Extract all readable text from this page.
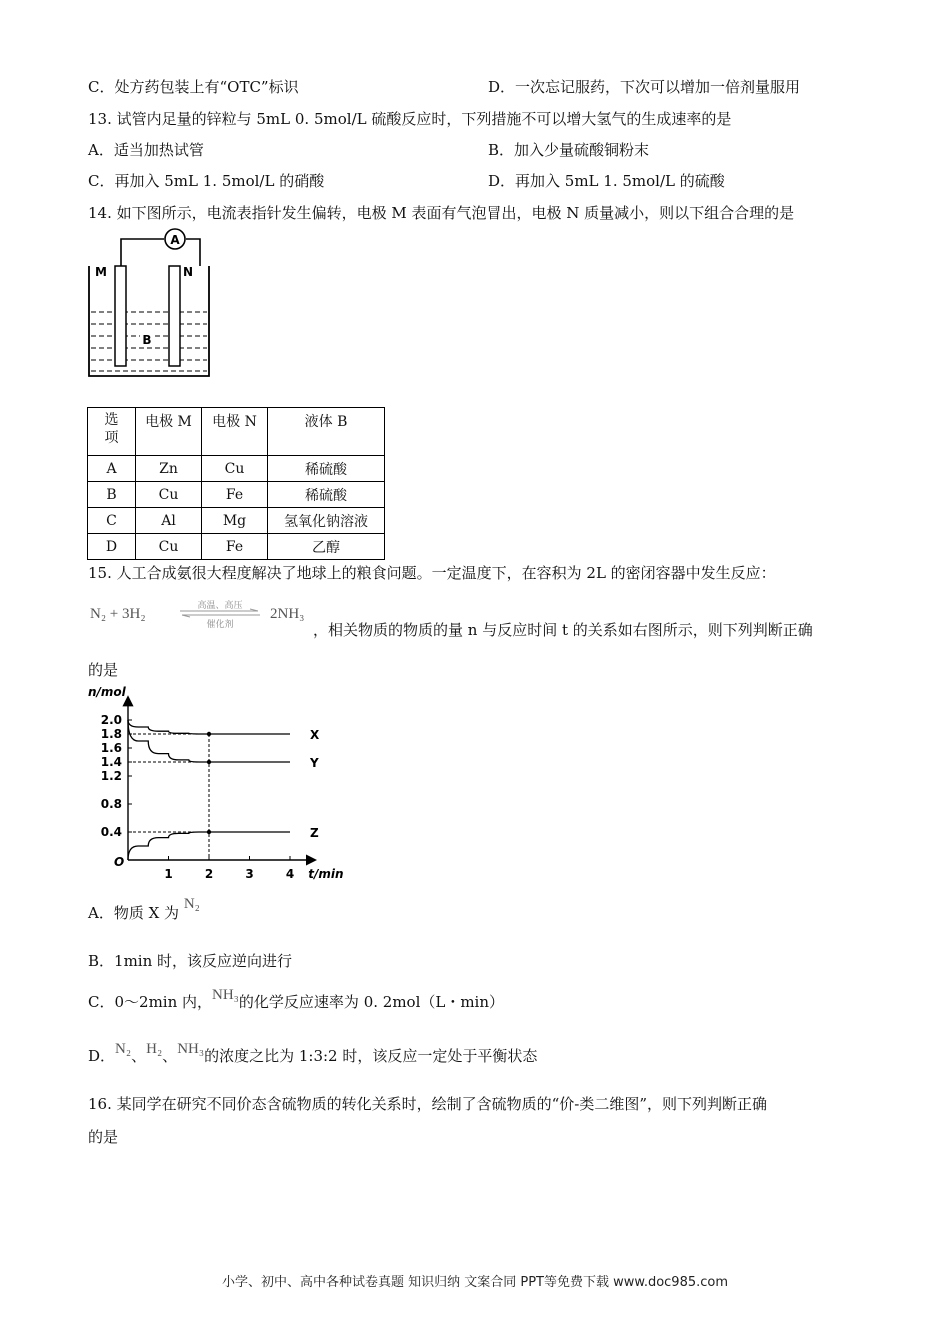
C．处方药包装上有“OTC”标识	D．一次忘记服药，下次可以增加一倍剂量服用
13. 试管内足量的锌粒与 5mL 0. 5mol/L 硫酸反应时，下列措施不可以增大氢气的生成速率的是
A．适当加热试管	B．加入少量硫酸铜粉末
C．再加入 5mL 1. 5mol/L 的硝酸	D．再加入 5mL 1. 5mol/L 的硫酸
14. 如下图所示，电流表指针发生偏转，电极 M 表面有气泡冒出，电极 N 质量减小，则以下组合合理的是
A
M	N
B
选项	电极 M	电极 N	液体 B
A	Zn	Cu	稀硫酸
B	Cu	Fe	稀硫酸
C	Al	Mg	氢氧化钠溶液
D	Cu	Fe	乙醇
15. 人工合成氨很大程度解决了地球上的粮食问题。一定温度下，在容积为 2L 的密闭容器中发生反应：
N₂ + 3H₂	高温、高压
催化剂
2NH₃
，相关物质的物质的量 n 与反应时间 t 的关系如右图所示，则下列判断正确
的是
n/mol
t/min
O
2.0
1.8
1.6
1.4
1.2
0.8
0.4
1	2	3	4
X
Y
Z
A．物质 X 为 N₂
B．1min 时，该反应逆向进行
C．0～2min 内，NH₃的化学反应速率为 0. 2mol（L・min）
D．N₂、H₂、NH₃的浓度之比为 1:3:2 时，该反应一定处于平衡状态
16. 某同学在研究不同价态含硫物质的转化关系时，绘制了含硫物质的“价-类二维图”，则下列判断正确
的是
小学、初中、高中各种试卷真题 知识归纳 文案合同 PPT等免费下载 www.doc985.com
